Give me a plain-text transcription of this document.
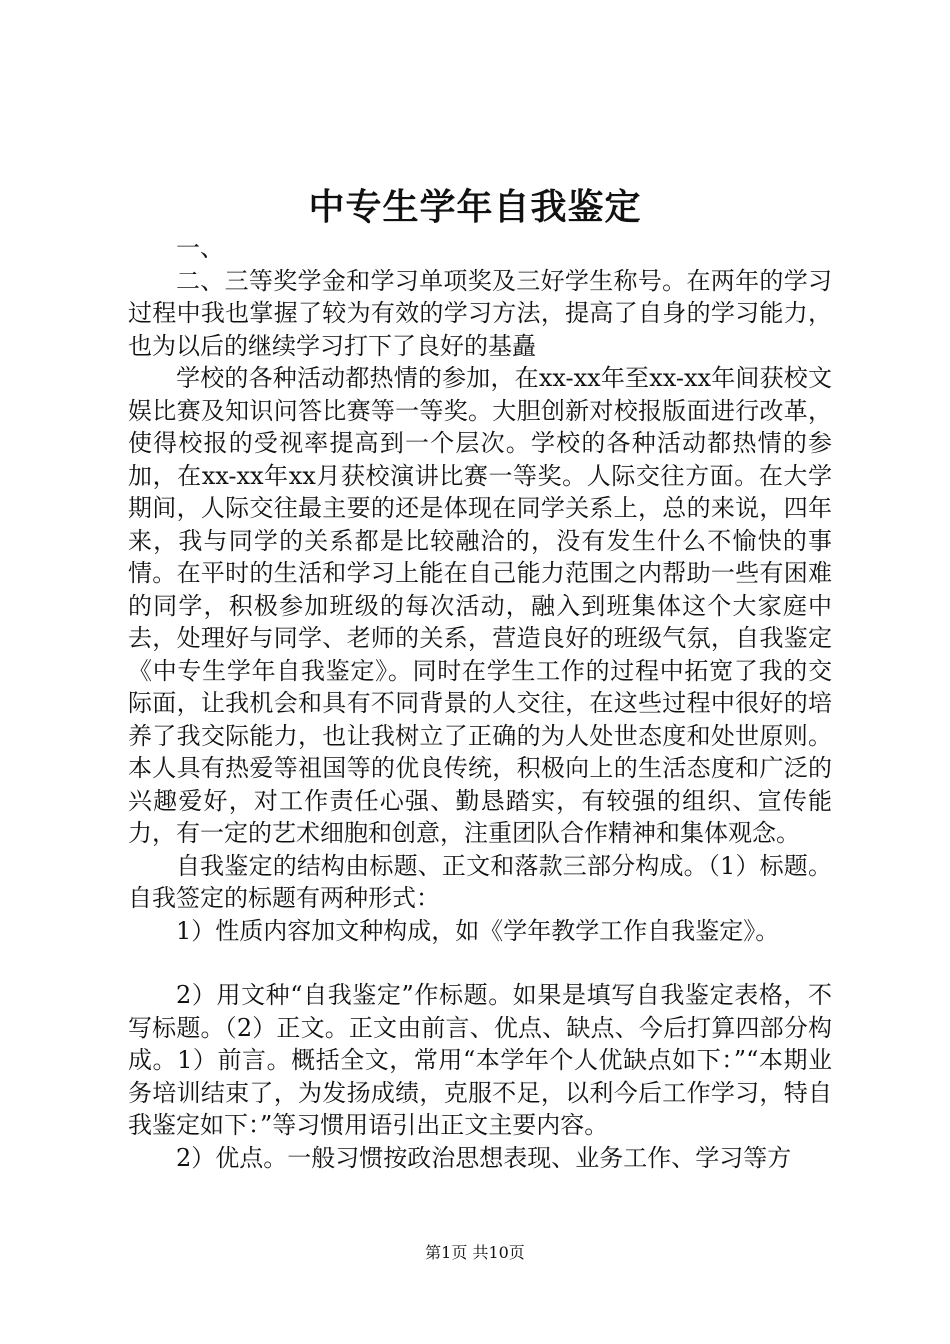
中专生学年自我鉴定

一、

二、三等奖学金和学习单项奖及三好学生称号。在两年的学习过程中我也掌握了较为有效的学习方法，提高了自身的学习能力，也为以后的继续学习打下了良好的基矗

学校的各种活动都热情的参加，在xx-xx年至xx-xx年间获校文娱比赛及知识问答比赛等一等奖。大胆创新对校报版面进行改革，使得校报的受视率提高到一个层次。学校的各种活动都热情的参加，在xx-xx年xx月获校演讲比赛一等奖。人际交往方面。在大学期间，人际交往最主要的还是体现在同学关系上，总的来说，四年来，我与同学的关系都是比较融洽的，没有发生什么不愉快的事情。在平时的生活和学习上能在自己能力范围之内帮助一些有困难的同学，积极参加班级的每次活动，融入到班集体这个大家庭中去，处理好与同学、老师的关系，营造良好的班级气氛，自我鉴定《中专生学年自我鉴定》。同时在学生工作的过程中拓宽了我的交际面，让我机会和具有不同背景的人交往，在这些过程中很好的培养了我交际能力，也让我树立了正确的为人处世态度和处世原则。本人具有热爱等祖国等的优良传统，积极向上的生活态度和广泛的兴趣爱好，对工作责任心强、勤恳踏实，有较强的组织、宣传能力，有一定的艺术细胞和创意，注重团队合作精神和集体观念。

自我鉴定的结构由标题、正文和落款三部分构成。（1）标题。自我签定的标题有两种形式：

1）性质内容加文种构成，如《学年教学工作自我鉴定》。

2）用文种“自我鉴定”作标题。如果是填写自我鉴定表格，不写标题。（2）正文。正文由前言、优点、缺点、今后打算四部分构成。1）前言。概括全文，常用“本学年个人优缺点如下：”“本期业务培训结束了，为发扬成绩，克服不足，以利今后工作学习，特自我鉴定如下：”等习惯用语引出正文主要内容。

2）优点。一般习惯按政治思想表现、业务工作、学习等方

第1页 共10页
